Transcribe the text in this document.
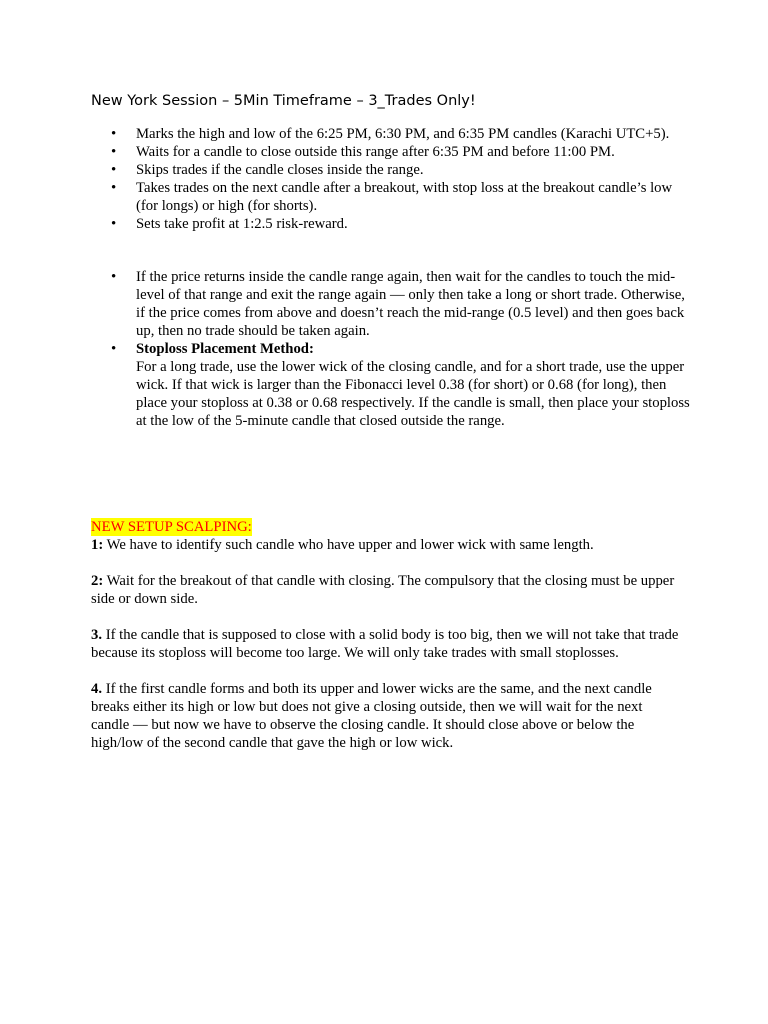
New York Session – 5Min Timeframe – 3_Trades Only!
• Marks the high and low of the 6:25 PM, 6:30 PM, and 6:35 PM candles (Karachi UTC+5).
• Waits for a candle to close outside this range after 6:35 PM and before 11:00 PM.
• Skips trades if the candle closes inside the range.
• Takes trades on the next candle after a breakout, with stop loss at the breakout candle’s low (for longs) or high (for shorts).
• Sets take profit at 1:2.5 risk-reward.
• If the price returns inside the candle range again, then wait for the candles to touch the mid-level of that range and exit the range again — only then take a long or short trade. Otherwise, if the price comes from above and doesn’t reach the mid-range (0.5 level) and then goes back up, then no trade should be taken again.
• Stoploss Placement Method:
For a long trade, use the lower wick of the closing candle, and for a short trade, use the upper wick. If that wick is larger than the Fibonacci level 0.38 (for short) or 0.68 (for long), then place your stoploss at 0.38 or 0.68 respectively. If the candle is small, then place your stoploss at the low of the 5-minute candle that closed outside the range.
NEW SETUP SCALPING:

1: We have to identify such candle who have upper and lower wick with same length.

2: Wait for the breakout of that candle with closing. The compulsory that the closing must be upper side or down side.

3. If the candle that is supposed to close with a solid body is too big, then we will not take that trade because its stoploss will become too large. We will only take trades with small stoplosses.

4. If the first candle forms and both its upper and lower wicks are the same, and the next candle breaks either its high or low but does not give a closing outside, then we will wait for the next candle — but now we have to observe the closing candle. It should close above or below the high/low of the second candle that gave the high or low wick.
